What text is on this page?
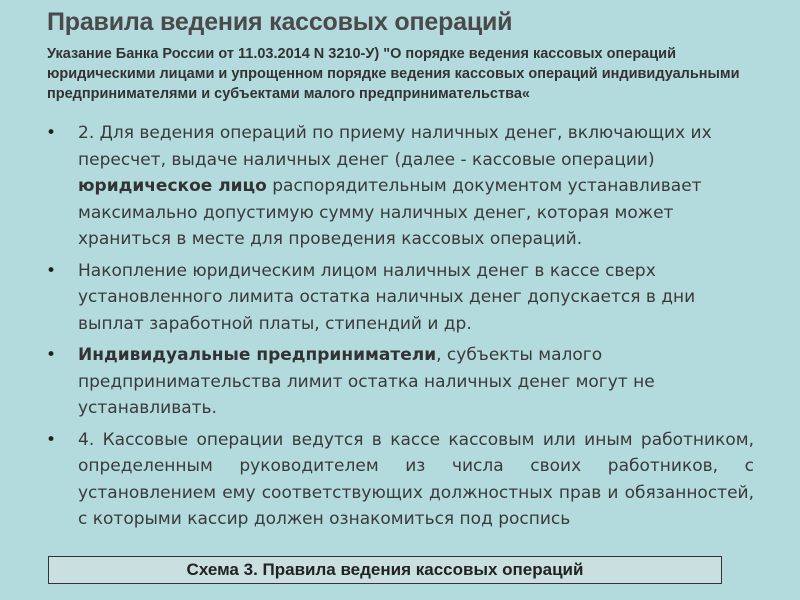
Правила ведения кассовых операций

Указание Банка России от 11.03.2014 N 3210-У) "О порядке ведения кассовых операций юридическими лицами и упрощенном порядке ведения кассовых операций индивидуальными предпринимателями и субъектами малого предпринимательства«

• 2. Для ведения операций по приему наличных денег, включающих их пересчет, выдаче наличных денег (далее - кассовые операции) юридическое лицо распорядительным документом устанавливает максимально допустимую сумму наличных денег, которая может храниться в месте для проведения кассовых операций.
• Накопление юридическим лицом наличных денег в кассе сверх установленного лимита остатка наличных денег допускается в дни выплат заработной платы, стипендий и др.
• Индивидуальные предприниматели, субъекты малого предпринимательства лимит остатка наличных денег могут не устанавливать.
• 4. Кассовые операции ведутся в кассе кассовым или иным работником, определенным руководителем из числа своих работников, с установлением ему соответствующих должностных прав и обязанностей, с которыми кассир должен ознакомиться под роспись
Схема 3. Правила ведения кассовых операций
